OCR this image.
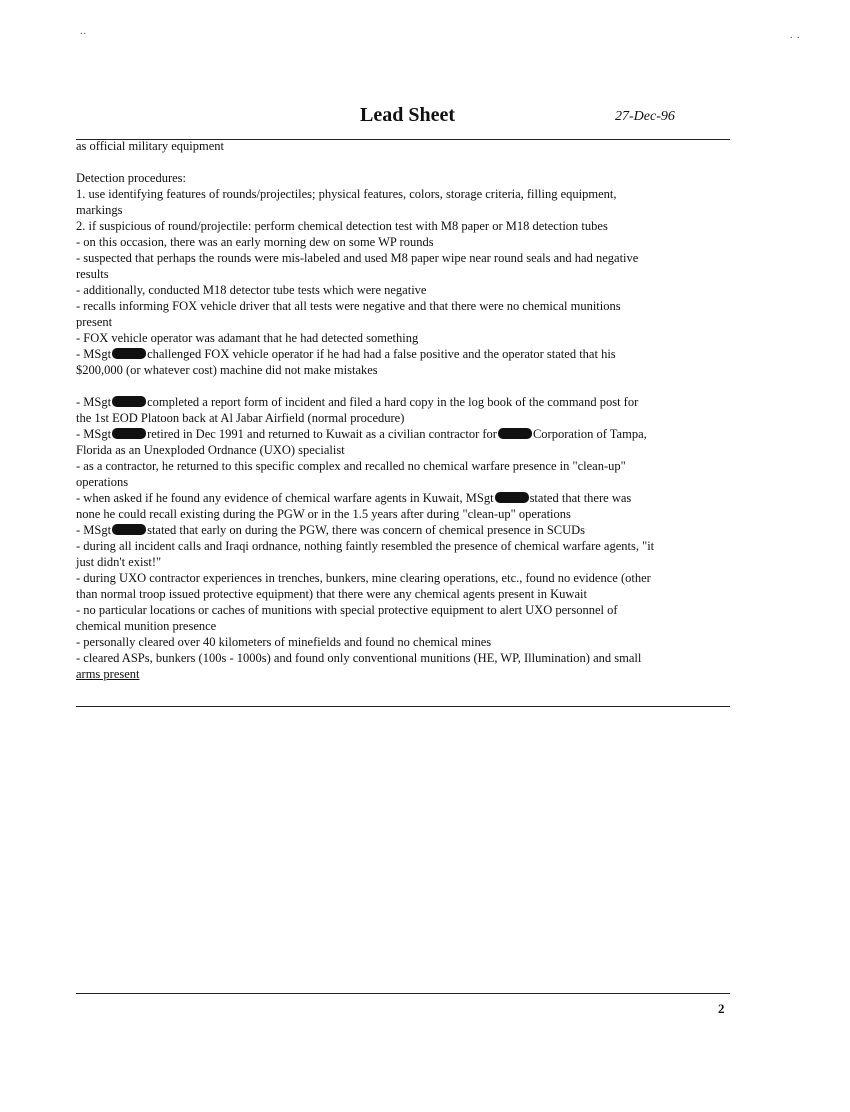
..	. .
Lead Sheet	27-Dec-96
as official military equipment
Detection procedures:
1. use identifying features of rounds/projectiles; physical features, colors, storage criteria, filling equipment,
markings
2. if suspicious of round/projectile: perform chemical detection test with M8 paper or M18 detection tubes
- on this occasion, there was an early morning dew on some WP rounds
- suspected that perhaps the rounds were mis-labeled and used M8 paper wipe near round seals and had negative
results
- additionally, conducted M18 detector tube tests which were negative
- recalls informing FOX vehicle driver that all tests were negative and that there were no chemical munitions
present
- FOX vehicle operator was adamant that he had detected something
- MSgt	challenged FOX vehicle operator if he had had a false positive and the operator stated that his
$200,000 (or whatever cost) machine did not make mistakes
- MSgt	completed a report form of incident and filed a hard copy in the log book of the command post for
the 1st EOD Platoon back at Al Jabar Airfield (normal procedure)
- MSgt	retired in Dec 1991 and returned to Kuwait as a civilian contractor for	Corporation of Tampa,
Florida as an Unexploded Ordnance (UXO) specialist
- as a contractor, he returned to this specific complex and recalled no chemical warfare presence in "clean-up"
operations
- when asked if he found any evidence of chemical warfare agents in Kuwait, MSgt	stated that there was
none he could recall existing during the PGW or in the 1.5 years after during "clean-up" operations
- MSgt	stated that early on during the PGW, there was concern of chemical presence in SCUDs
- during all incident calls and Iraqi ordnance, nothing faintly resembled the presence of chemical warfare agents, "it
just didn't exist!"
- during UXO contractor experiences in trenches, bunkers, mine clearing operations, etc., found no evidence (other
than normal troop issued protective equipment) that there were any chemical agents present in Kuwait
- no particular locations or caches of munitions with special protective equipment to alert UXO personnel of
chemical munition presence
- personally cleared over 40 kilometers of minefields and found no chemical mines
- cleared ASPs, bunkers (100s - 1000s) and found only conventional munitions (HE, WP, Illumination) and small
arms present
2
